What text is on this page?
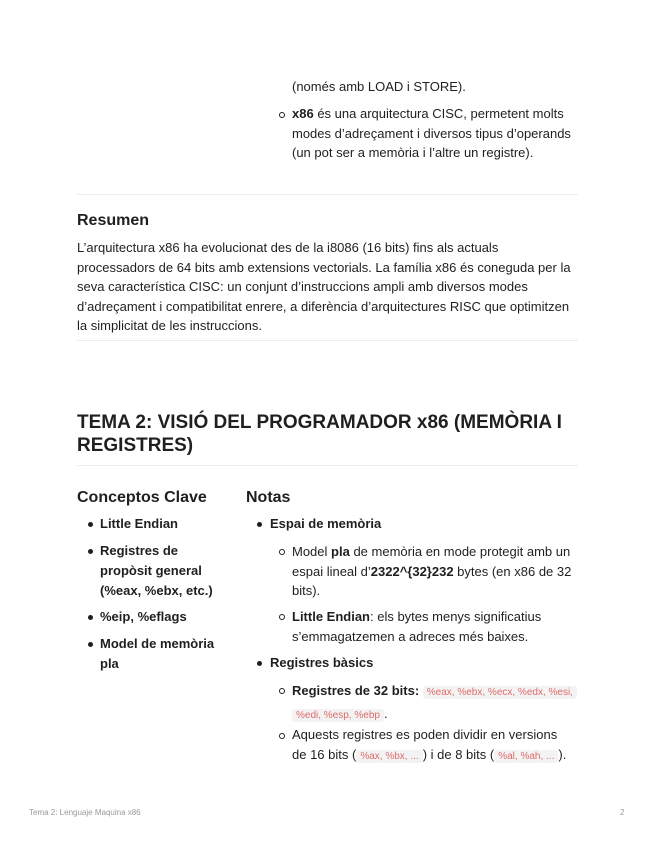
(només amb LOAD i STORE).

x86 és una arquitectura CISC, permetent molts modes d’adreçament i diversos tipus d’operands (un pot ser a memòria i l’altre un registre).

Resumen

L’arquitectura x86 ha evolucionat des de la i8086 (16 bits) fins als actuals processadors de 64 bits amb extensions vectorials. La família x86 és coneguda per la seva característica CISC: un conjunt d’instruccions ampli amb diversos modes d’adreçament i compatibilitat enrere, a diferència d’arquitectures RISC que optimitzen la simplicitat de les instruccions.

TEMA 2: VISIÓ DEL PROGRAMADOR x86 (MEMÒRIA I REGISTRES)
Conceptos Clave
Little Endian
Registres de propòsit general (%eax, %ebx, etc.)
%eip, %eflags
Model de memòria pla
Notas
Espai de memòria

Model pla de memòria en mode protegit amb un espai lineal d’2322^{32}232 bytes (en x86 de 32 bits).

Little Endian: els bytes menys significatius s’emmagatzemen a adreces més baixes.

Registres bàsics
Registres de 32 bits: %eax, %ebx, %ecx, %edx, %esi,
%edi, %esp, %ebp .
Aquests registres es poden dividir en versions
de 16 bits ( %ax, %bx, ... ) i de 8 bits ( %al, %ah, ... ).
Tema 2: Lenguaje Maquina x86	2
